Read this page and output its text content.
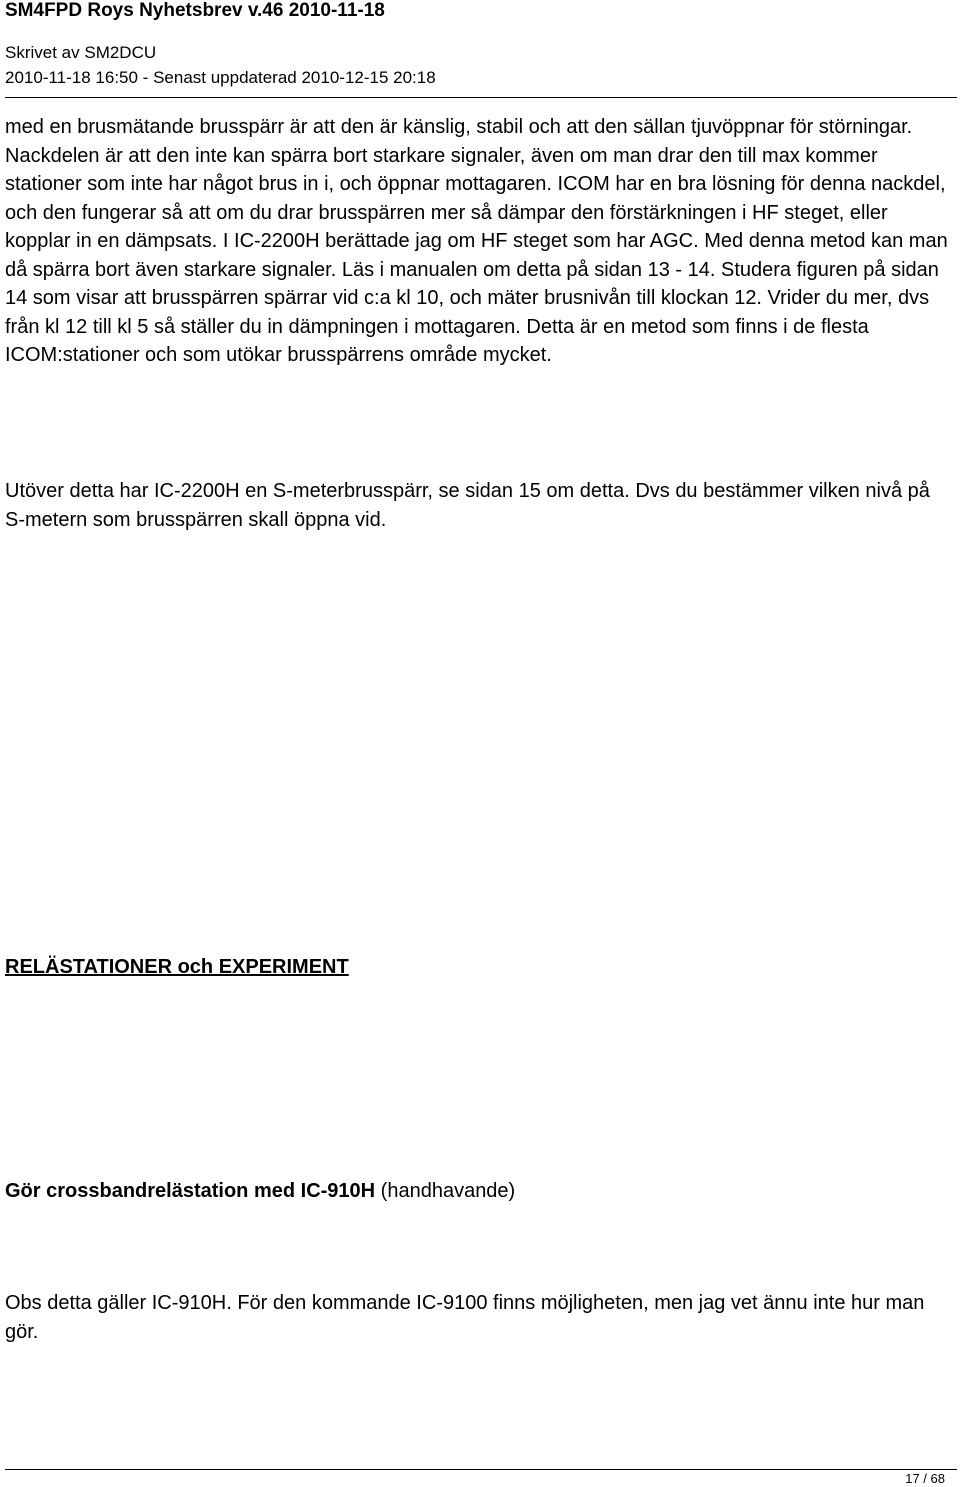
SM4FPD Roys Nyhetsbrev v.46 2010-11-18
Skrivet av SM2DCU
2010-11-18 16:50 - Senast uppdaterad 2010-12-15 20:18
med en brusmätande brusspärr är att den är känslig, stabil och att den sällan tjuvöppnar för störningar. Nackdelen är att den inte kan spärra bort starkare signaler, även om man drar den till max kommer stationer som inte har något brus in i, och öppnar mottagaren. ICOM har en bra lösning för denna nackdel, och den fungerar så att om du drar brusspärren mer så dämpar den förstärkningen i HF steget, eller kopplar in en dämpsats. I IC-2200H berättade jag om HF steget som har AGC. Med denna metod kan man då spärra bort även starkare signaler. Läs i manualen om detta på sidan 13 - 14. Studera figuren på sidan 14 som visar att brusspärren spärrar vid c:a kl 10, och mäter brusnivån till klockan 12. Vrider du mer, dvs från kl 12 till kl 5 så ställer du in dämpningen i mottagaren. Detta är en metod som finns i de flesta ICOM:stationer och som utökar brusspärrens område mycket.
Utöver detta har IC-2200H en S-meterbrusspärr, se sidan 15 om detta. Dvs du bestämmer vilken nivå på S-metern som brusspärren skall öppna vid.
RELÄSTATIONER och EXPERIMENT
Gör crossbandrelästation med IC-910H (handhavande)
Obs detta gäller IC-910H. För den kommande IC-9100 finns möjligheten, men jag vet ännu inte hur man gör.
17 / 68
